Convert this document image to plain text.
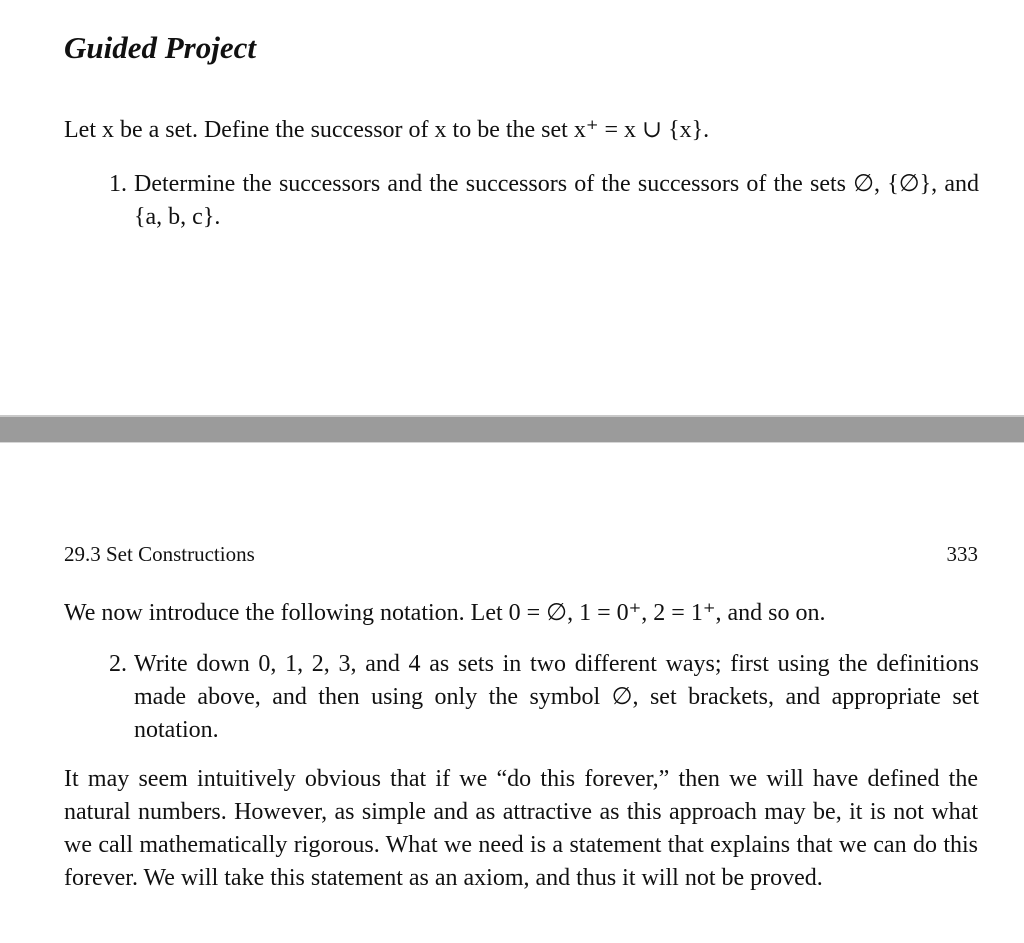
Guided Project

Let x be a set. Define the successor of x to be the set x⁺ = x ∪ {x}.

1. Determine the successors and the successors of the successors of the sets ∅, {∅}, and {a, b, c}.
29.3 Set Constructions	333

We now introduce the following notation. Let 0 = ∅, 1 = 0⁺, 2 = 1⁺, and so on.

2. Write down 0, 1, 2, 3, and 4 as sets in two different ways; first using the definitions made above, and then using only the symbol ∅, set brackets, and appropriate set notation.

It may seem intuitively obvious that if we “do this forever,” then we will have defined the natural numbers. However, as simple and as attractive as this approach may be, it is not what we call mathematically rigorous. What we need is a statement that explains that we can do this forever. We will take this statement as an axiom, and thus it will not be proved.
